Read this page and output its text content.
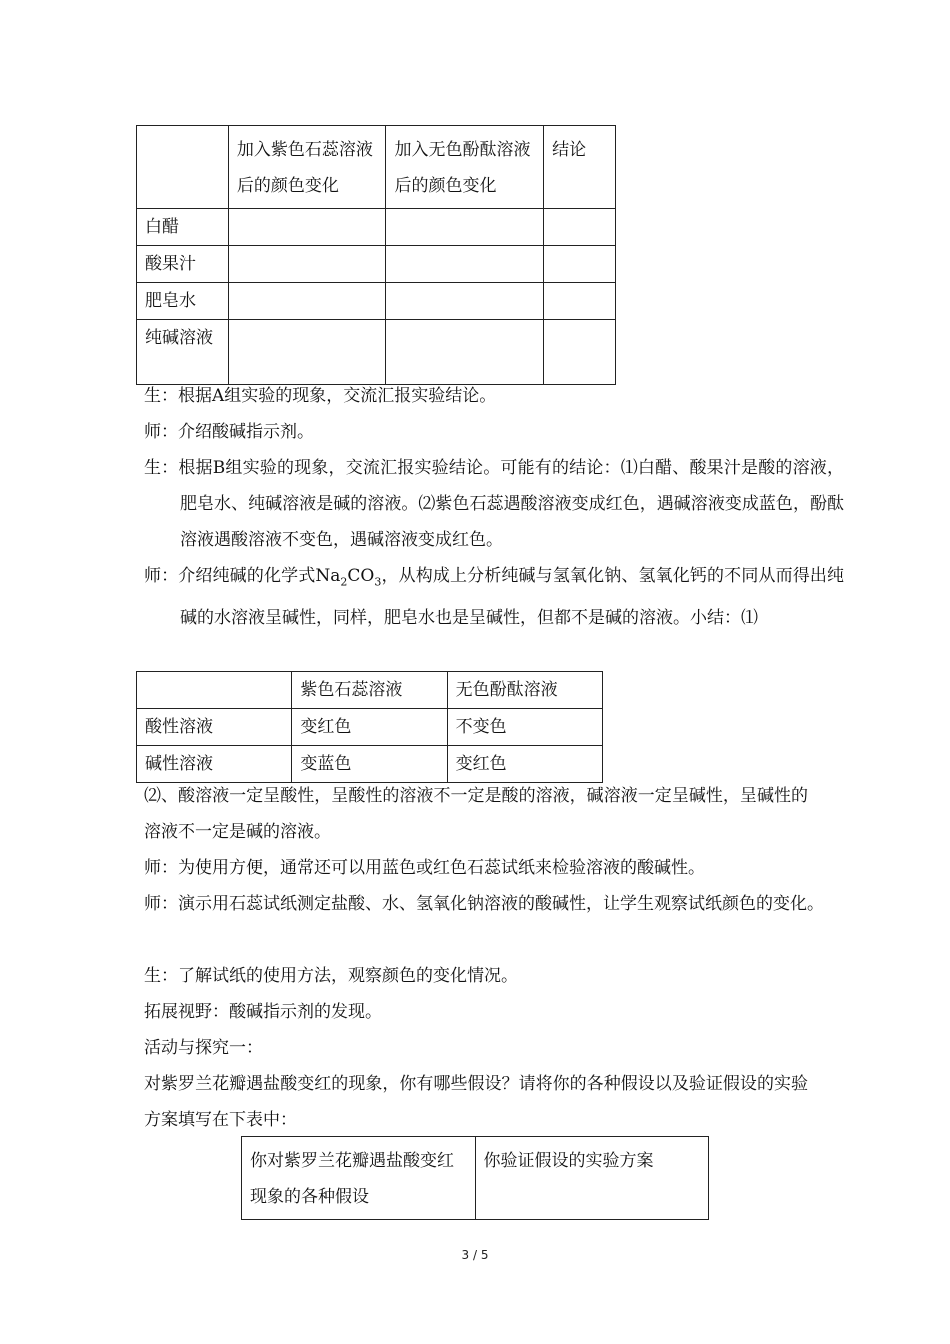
	加入紫色石蕊溶液后的颜色变化	加入无色酚酞溶液后的颜色变化	结论
白醋			
酸果汁			
肥皂水			
纯碱溶液			
生：根据A组实验的现象，交流汇报实验结论。
师：介绍酸碱指示剂。
生：根据B组实验的现象，交流汇报实验结论。可能有的结论：⑴白醋、酸果汁是酸的溶液，肥皂水、纯碱溶液是碱的溶液。⑵紫色石蕊遇酸溶液变成红色，遇碱溶液变成蓝色，酚酞溶液遇酸溶液不变色，遇碱溶液变成红色。
师：介绍纯碱的化学式$Na_2CO_3$，从构成上分析纯碱与氢氧化钠、氢氧化钙的不同从而得出纯碱的水溶液呈碱性，同样，肥皂水也是呈碱性，但都不是碱的溶液。小结：⑴
	紫色石蕊溶液	无色酚酞溶液
酸性溶液	变红色	不变色
碱性溶液	变蓝色	变红色
⑵、酸溶液一定呈酸性，呈酸性的溶液不一定是酸的溶液，碱溶液一定呈碱性，呈碱性的溶液不一定是碱的溶液。
师：为使用方便，通常还可以用蓝色或红色石蕊试纸来检验溶液的酸碱性。
师：演示用石蕊试纸测定盐酸、水、氢氧化钠溶液的酸碱性，让学生观察试纸颜色的变化。
生：了解试纸的使用方法，观察颜色的变化情况。
拓展视野：酸碱指示剂的发现。
活动与探究一：
对紫罗兰花瓣遇盐酸变红的现象，你有哪些假设？请将你的各种假设以及验证假设的实验方案填写在下表中：
你对紫罗兰花瓣遇盐酸变红现象的各种假设	你验证假设的实验方案
3 / 5
